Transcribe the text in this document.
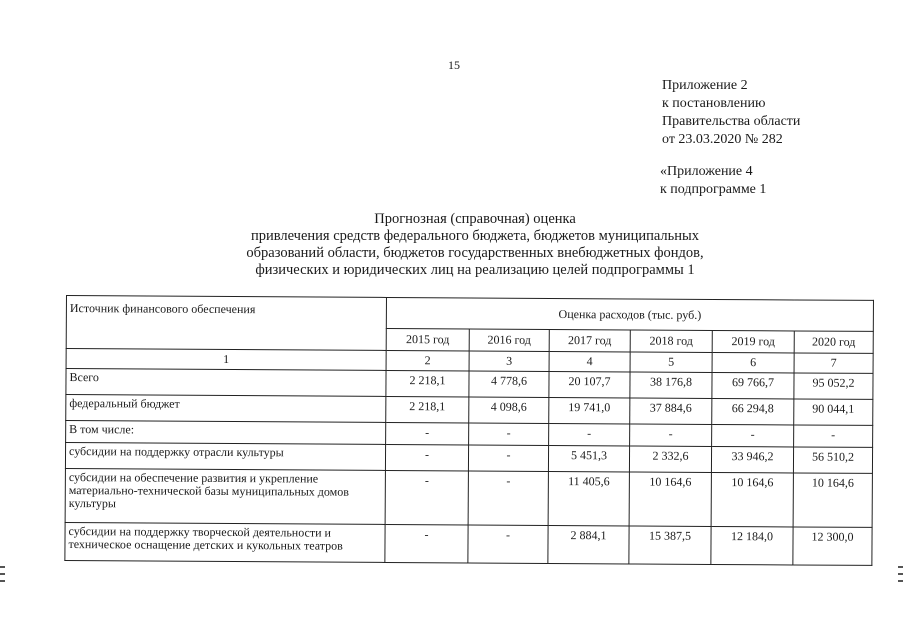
15
Приложение 2
к постановлению
Правительства области
от 23.03.2020 № 282
«Приложение 4
к подпрограмме 1
Прогнозная (справочная) оценка
привлечения средств федерального бюджета, бюджетов муниципальных
образований области, бюджетов государственных внебюджетных фондов,
физических и юридических лиц на реализацию целей подпрограммы 1
Источник финансового обеспечения	Оценка расходов (тыс. руб.)					
	2015 год	2016 год	2017 год	2018 год	2019 год	2020 год
1	2	3	4	5	6	7
Всего	2 218,1	4 778,6	20 107,7	38 176,8	69 766,7	95 052,2
федеральный бюджет	2 218,1	4 098,6	19 741,0	37 884,6	66 294,8	90 044,1
В том числе:	-	-	-	-	-	-
субсидии на поддержку отрасли культуры	-	-	5 451,3	2 332,6	33 946,2	56 510,2
субсидии на обеспечение развития и укрепление материально-технической базы муниципальных домов культуры	-	-	11 405,6	10 164,6	10 164,6	10 164,6
субсидии на поддержку творческой деятельности и техническое оснащение детских и кукольных театров	-	-	2 884,1	15 387,5	12 184,0	12 300,0
